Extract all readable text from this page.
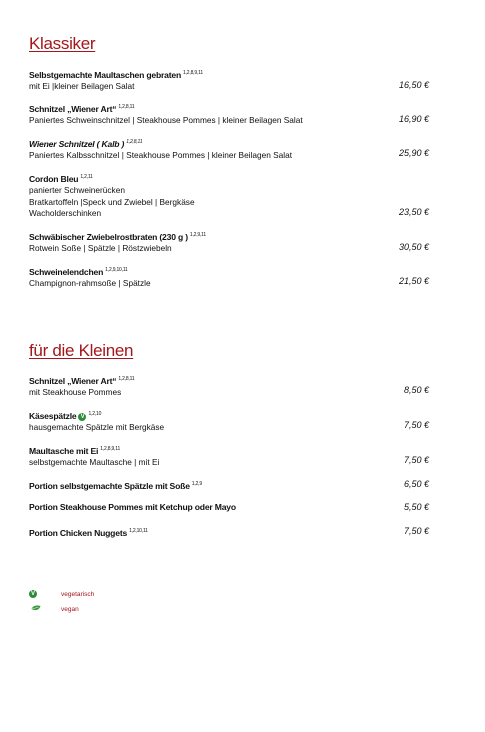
Klassiker
Selbstgemachte Maultaschen gebraten $^{1,2,8,9,11}$
mit Ei |kleiner Beilagen Salat	16,50 €
Schnitzel „Wiener Art“ $^{1,2,8,11}$
Paniertes Schweinschnitzel | Steakhouse Pommes | kleiner Beilagen Salat	16,90 €
Wiener Schnitzel ( Kalb ) $^{1,2,8,11}$
Paniertes Kalbsschnitzel | Steakhouse Pommes | kleiner Beilagen Salat	25,90 €
Cordon Bleu $^{1,2,11}$
panierter Schweinerücken
Bratkartoffeln |Speck und Zwiebel | Bergkäse
Wacholderschinken	23,50 €
Schwäbischer Zwiebelrostbraten (230 g ) $^{1,2,9,11}$
Rotwein Soße | Spätzle | Röstzwiebeln	30,50 €
Schweinelendchen $^{1,2,9,10,11}$
Champignon-rahmsoße | Spätzle	21,50 €
für die Kleinen
Schnitzel „Wiener Art“ $^{1,2,8,11}$
mit Steakhouse Pommes	8,50 €
Käsespätzle V $^{1,2,10}$
hausgemachte Spätzle mit Bergkäse	7,50 €
Maultasche mit Ei $^{1,2,8,9,11}$
selbstgemachte Maultasche | mit Ei	7,50 €
Portion selbstgemachte Spätzle mit Soße $^{1,2,9}$	6,50 €
Portion Steakhouse Pommes mit Ketchup oder Mayo	5,50 €
Portion Chicken Nuggets $^{1,2,10,11}$	7,50 €
V	vegetarisch
vegan
